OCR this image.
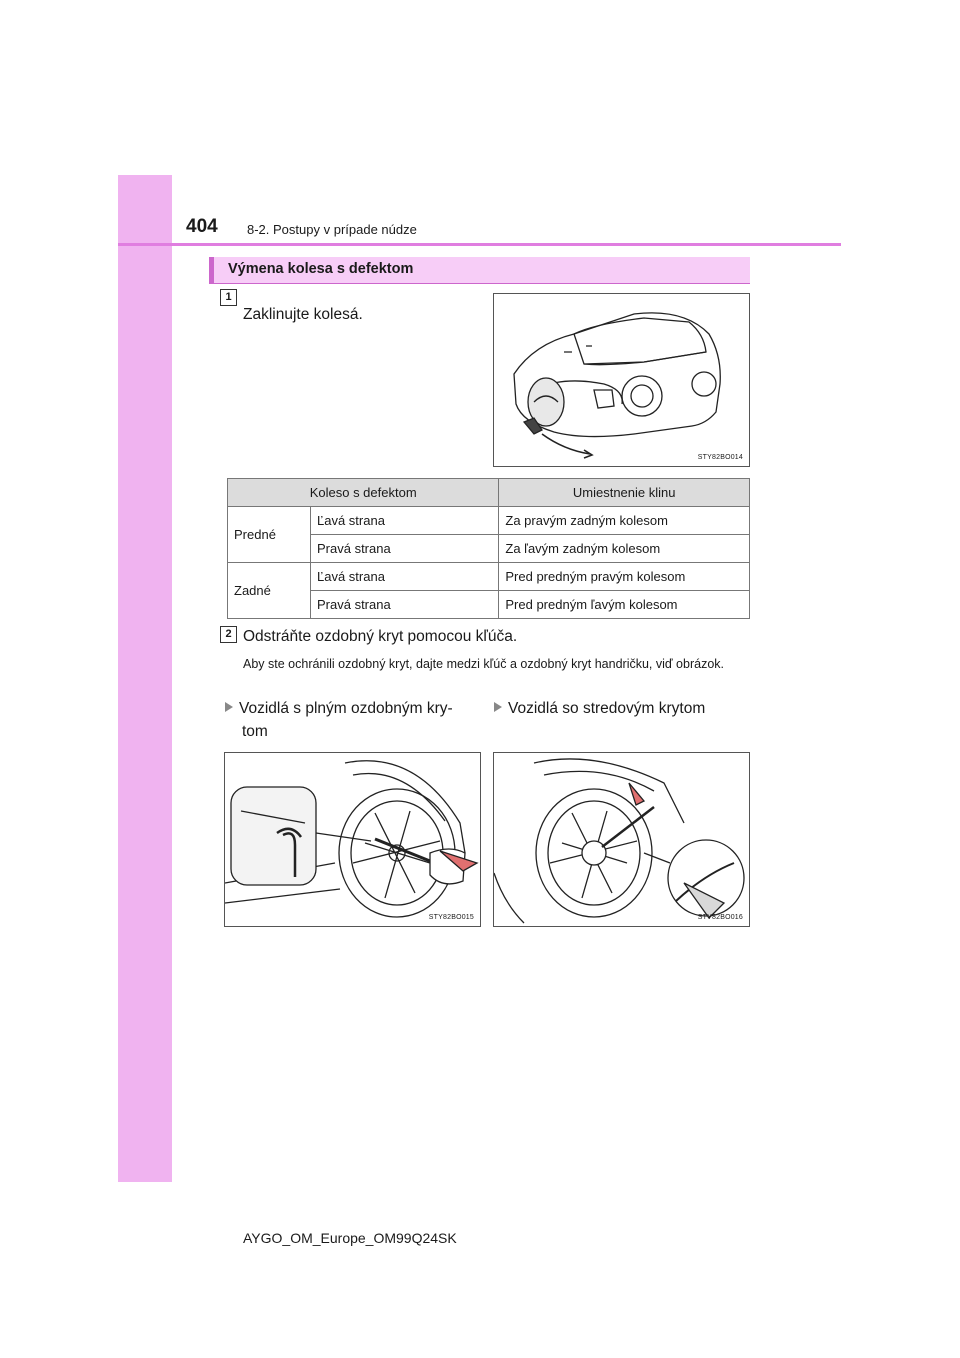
404 8-2. Postupy v prípade núdze
Výmena kolesa s defektom
1
Zaklinujte kolesá.
STY82BO014
Koleso s defektom		Umiestnenie klinu
Predné	Ľavá strana	Za pravým zadným kolesom
	Pravá strana	Za ľavým zadným kolesom
Zadné	Ľavá strana	Pred predným pravým kolesom
	Pravá strana	Pred predným ľavým kolesom
2 Odstráňte ozdobný kryt pomocou kľúča.
Aby ste ochránili ozdobný kryt, dajte medzi kľúč a ozdobný kryt handričku, viď obrázok.
Vozidlá s plným ozdobným kry-
tom
Vozidlá so stredovým krytom
STY82BO015	STY82BO016
AYGO_OM_Europe_OM99Q24SK
